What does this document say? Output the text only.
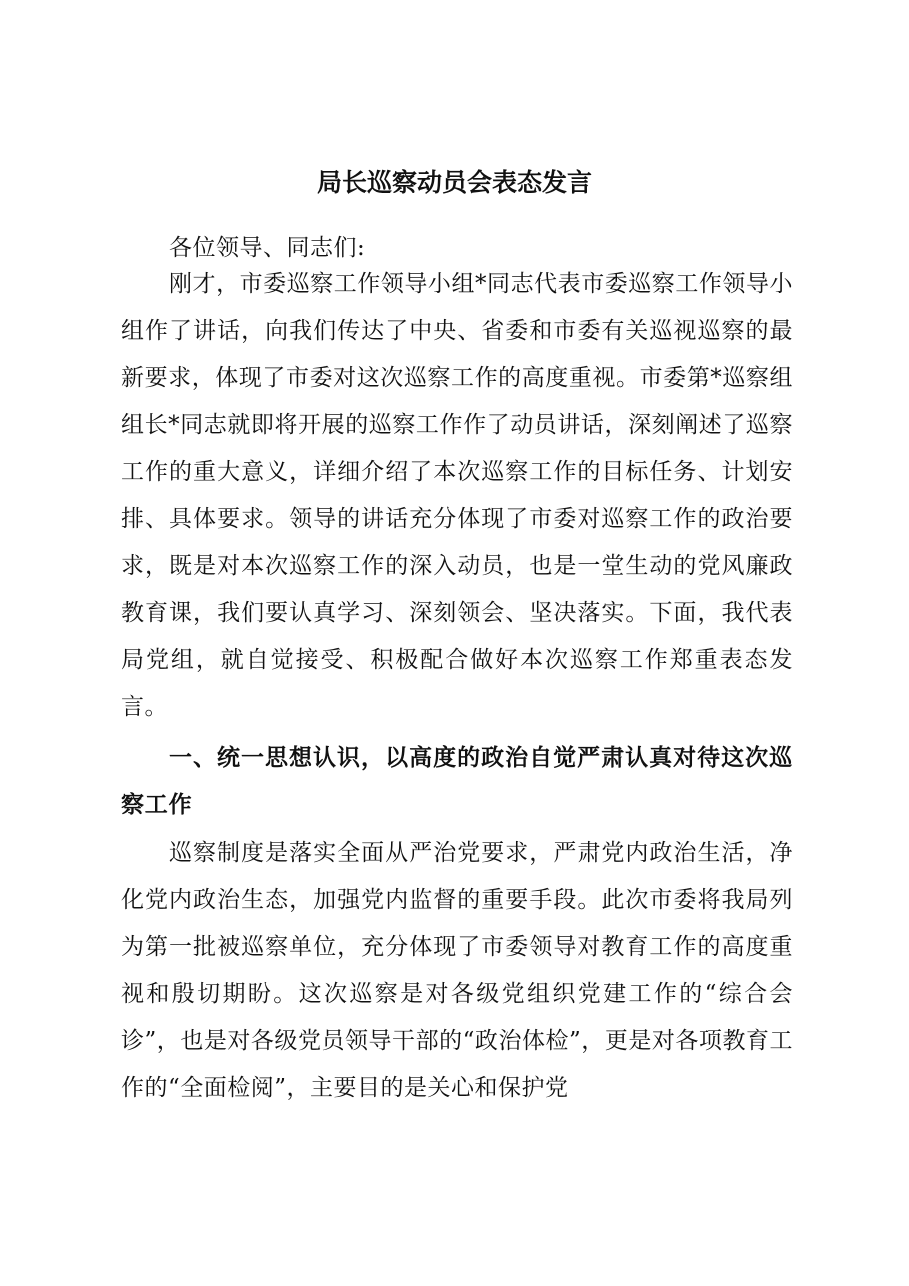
局长巡察动员会表态发言

各位领导、同志们:

刚才，市委巡察工作领导小组*同志代表市委巡察工作领导小组作了讲话，向我们传达了中央、省委和市委有关巡视巡察的最新要求，体现了市委对这次巡察工作的高度重视。市委第*巡察组组长*同志就即将开展的巡察工作作了动员讲话，深刻阐述了巡察工作的重大意义，详细介绍了本次巡察工作的目标任务、计划安排、具体要求。领导的讲话充分体现了市委对巡察工作的政治要求，既是对本次巡察工作的深入动员，也是一堂生动的党风廉政教育课，我们要认真学习、深刻领会、坚决落实。下面，我代表局党组，就自觉接受、积极配合做好本次巡察工作郑重表态发言。

一、统一思想认识，以高度的政治自觉严肃认真对待这次巡察工作

巡察制度是落实全面从严治党要求，严肃党内政治生活，净化党内政治生态，加强党内监督的重要手段。此次市委将我局列为第一批被巡察单位，充分体现了市委领导对教育工作的高度重视和殷切期盼。这次巡察是对各级党组织党建工作的“综合会诊”，也是对各级党员领导干部的“政治体检”，更是对各项教育工作的“全面检阅”，主要目的是关心和保护党
